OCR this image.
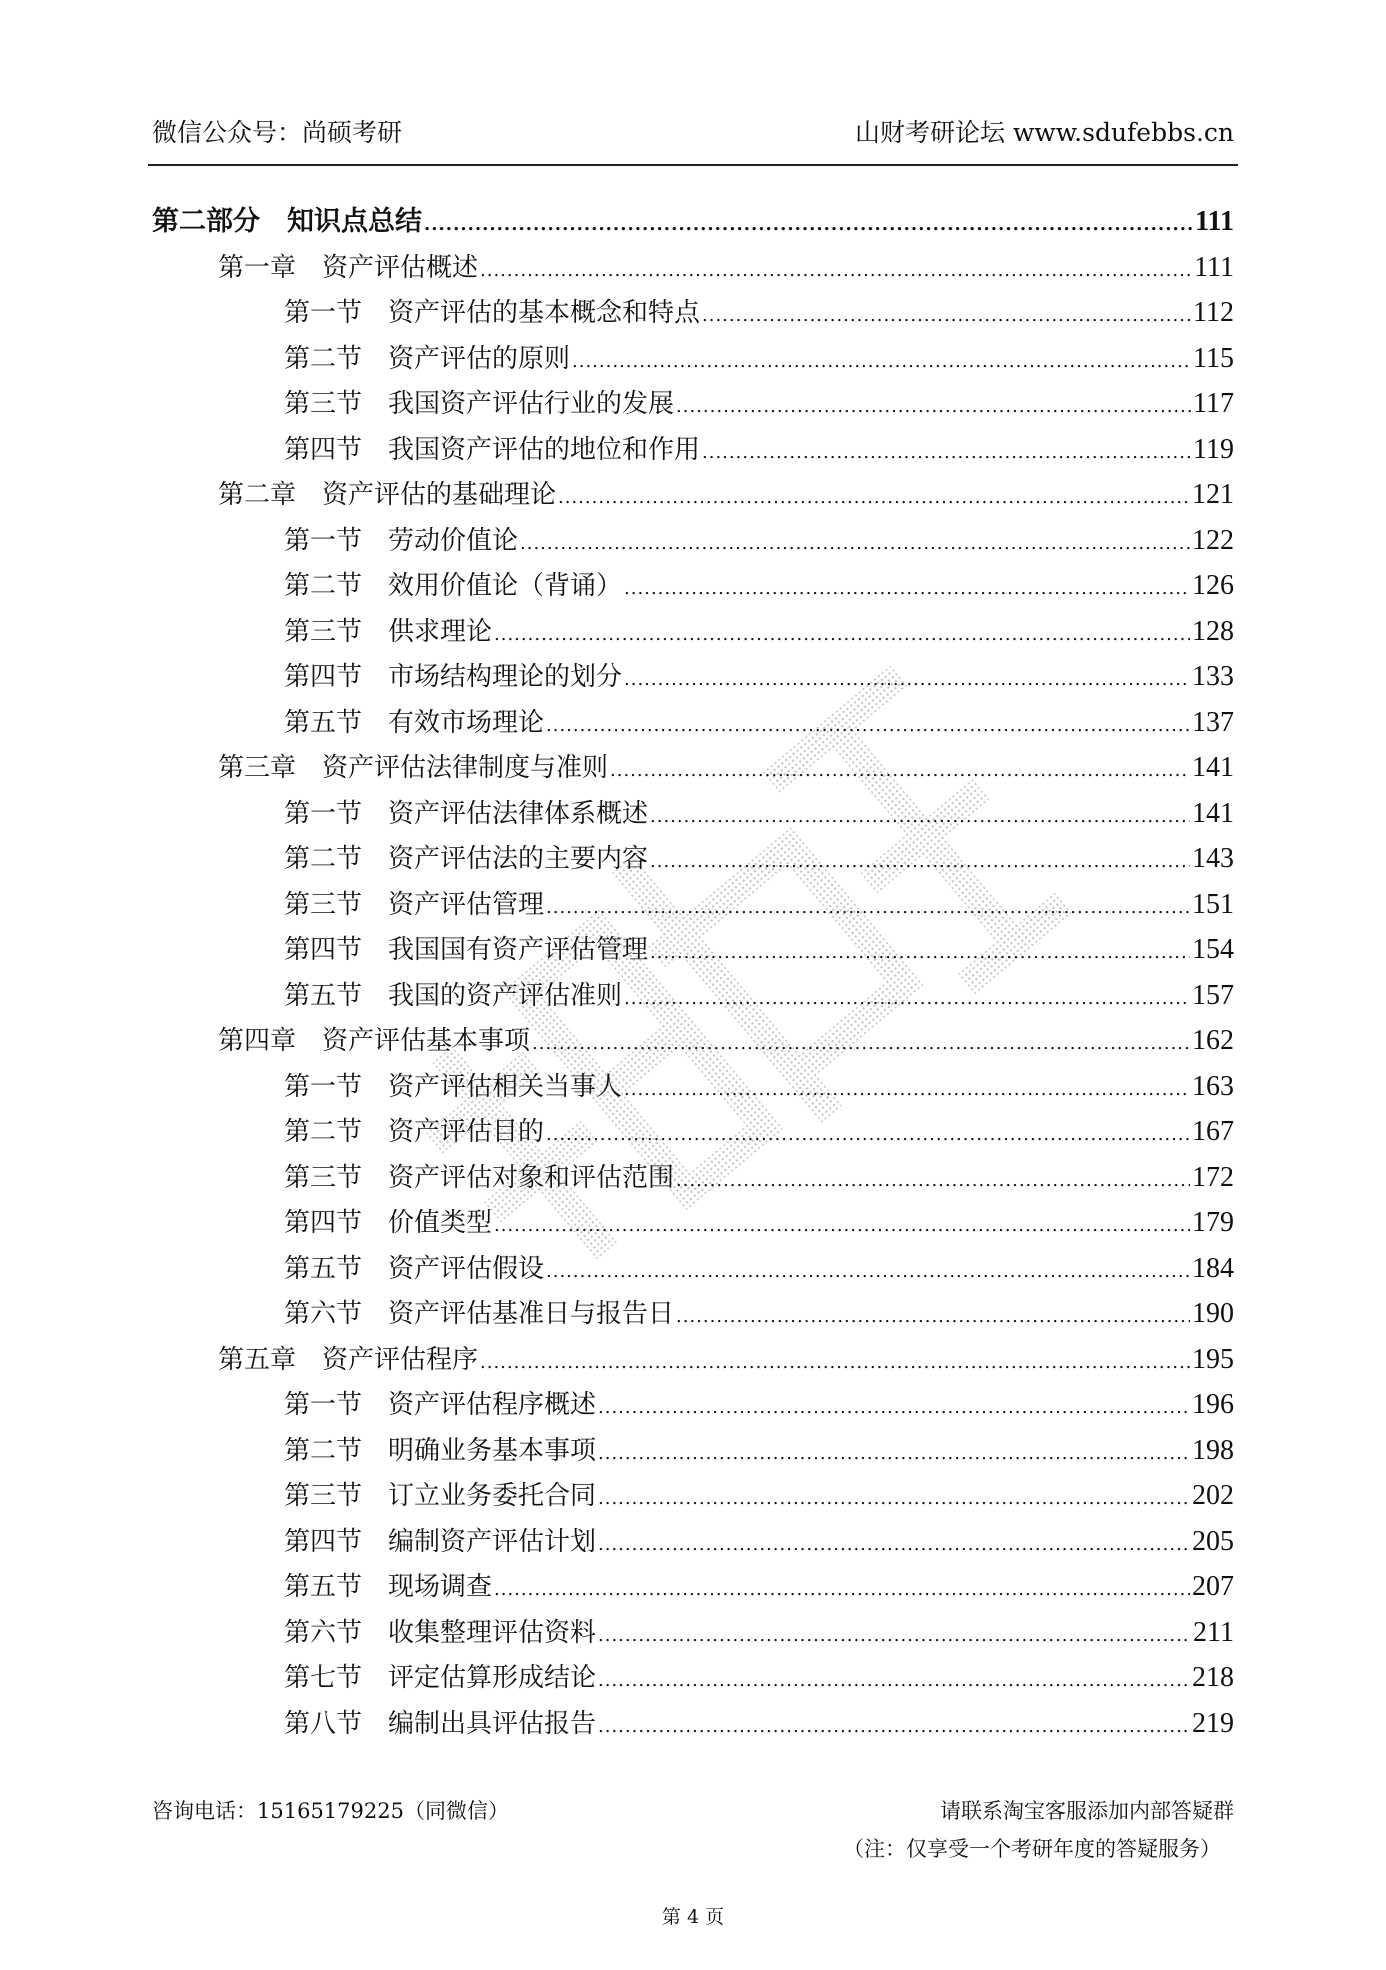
微信公众号：尚硕考研	山财考研论坛 www.sdufebbs.cn
第二部分　知识点总结 .....	111
第一章　资产评估概述 .....	111
第一节　资产评估的基本概念和特点 .....	112
第二节　资产评估的原则 .....	115
第三节　我国资产评估行业的发展 .....	117
第四节　我国资产评估的地位和作用 .....	119
第二章　资产评估的基础理论 .....	121
第一节　劳动价值论 .....	122
第二节　效用价值论（背诵） .....	126
第三节　供求理论 .....	128
第四节　市场结构理论的划分 .....	133
第五节　有效市场理论 .....	137
第三章　资产评估法律制度与准则 .....	141
第一节　资产评估法律体系概述 .....	141
第二节　资产评估法的主要内容 .....	143
第三节　资产评估管理 .....	151
第四节　我国国有资产评估管理 .....	154
第五节　我国的资产评估准则 .....	157
第四章　资产评估基本事项 .....	162
第一节　资产评估相关当事人 .....	163
第二节　资产评估目的 .....	167
第三节　资产评估对象和评估范围 .....	172
第四节　价值类型 .....	179
第五节　资产评估假设 .....	184
第六节　资产评估基准日与报告日 .....	190
第五章　资产评估程序 .....	195
第一节　资产评估程序概述 .....	196
第二节　明确业务基本事项 .....	198
第三节　订立业务委托合同 .....	202
第四节　编制资产评估计划 .....	205
第五节　现场调查 .....	207
第六节　收集整理评估资料 .....	211
第七节　评定估算形成结论 .....	218
第八节　编制出具评估报告 .....	219
咨询电话：15165179225（同微信）	请联系淘宝客服添加内部答疑群
（注：仅享受一个考研年度的答疑服务）
第 4 页
